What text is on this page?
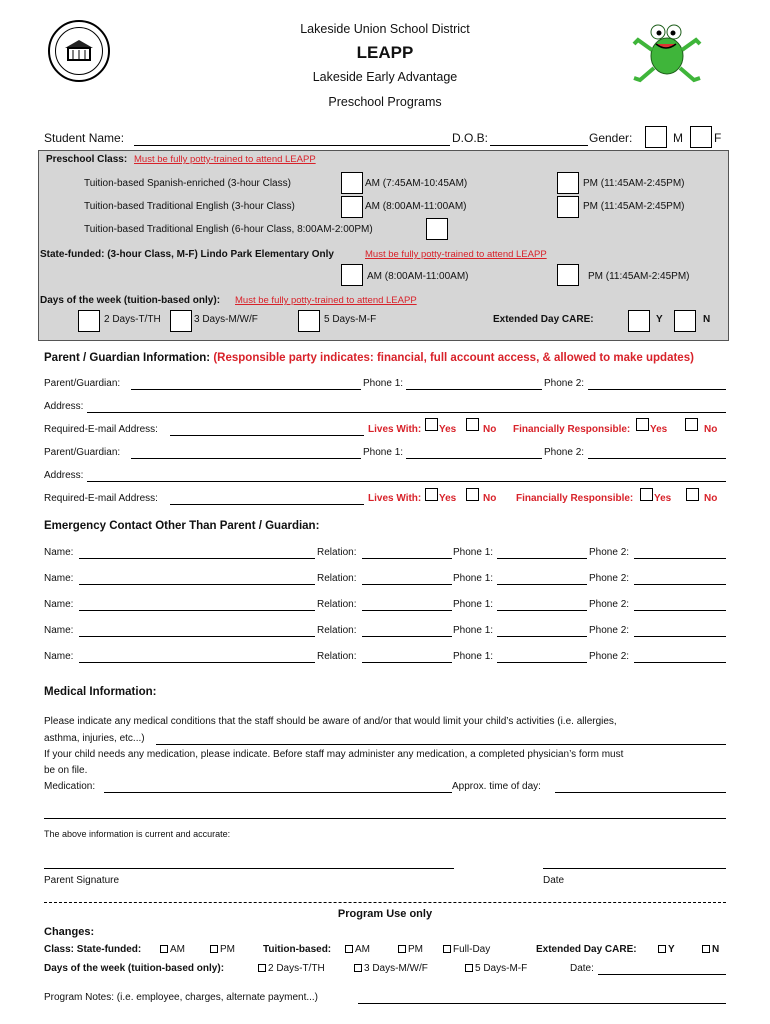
Lakeside Union School District
LEAPP
Lakeside Early Advantage
Preschool Programs
Student Name:	D.O.B:	Gender:	M	F
Preschool Class: Must be fully potty-trained to attend LEAPP
Tuition-based Spanish-enriched (3-hour Class)	AM (7:45AM-10:45AM)	PM (11:45AM-2:45PM)
Tuition-based Traditional English (3-hour Class)	AM (8:00AM-11:00AM)	PM (11:45AM-2:45PM)
Tuition-based Traditional English (6-hour Class, 8:00AM-2:00PM)
State-funded: (3-hour Class, M-F) Lindo Park Elementary Only	Must be fully potty-trained to attend LEAPP
AM (8:00AM-11:00AM)	PM (11:45AM-2:45PM)
Days of the week (tuition-based only): Must be fully potty-trained to attend LEAPP
2 Days-T/TH	3 Days-M/W/F	5 Days-M-F	Extended Day CARE:	Y	N
Parent / Guardian Information: (Responsible party indicates: financial, full account access, & allowed to make updates)
Parent/Guardian:	Phone 1:	Phone 2:
Address:
Required-E-mail Address:	Lives With: Yes	No Financially Responsible: Yes	No
Parent/Guardian:	Phone 1:	Phone 2:
Address:
Required-E-mail Address:	Lives With: Yes	No Financially Responsible: Yes	No
Emergency Contact Other Than Parent / Guardian:
Name:	Relation:	Phone 1:	Phone 2:
Name:	Relation:	Phone 1:	Phone 2:
Name:	Relation:	Phone 1:	Phone 2:
Name:	Relation:	Phone 1:	Phone 2:
Name:	Relation:	Phone 1:	Phone 2:
Medical Information:
Please indicate any medical conditions that the staff should be aware of and/or that would limit your child’s activities (i.e. allergies,
asthma, injuries, etc...)
If your child needs any medication, please indicate. Before staff may administer any medication, a completed physician’s form must
be on file.
Medication:	Approx. time of day:
The above information is current and accurate:
Parent Signature	Date
Program Use only
Changes:
Class: State-funded:	AM	PM	Tuition-based:	AM	PM	Full-Day	Extended Day CARE:	Y	N
Days of the week (tuition-based only):	2 Days-T/TH	3 Days-M/W/F	5 Days-M-F	Date:
Program Notes: (i.e. employee, charges, alternate payment...)
